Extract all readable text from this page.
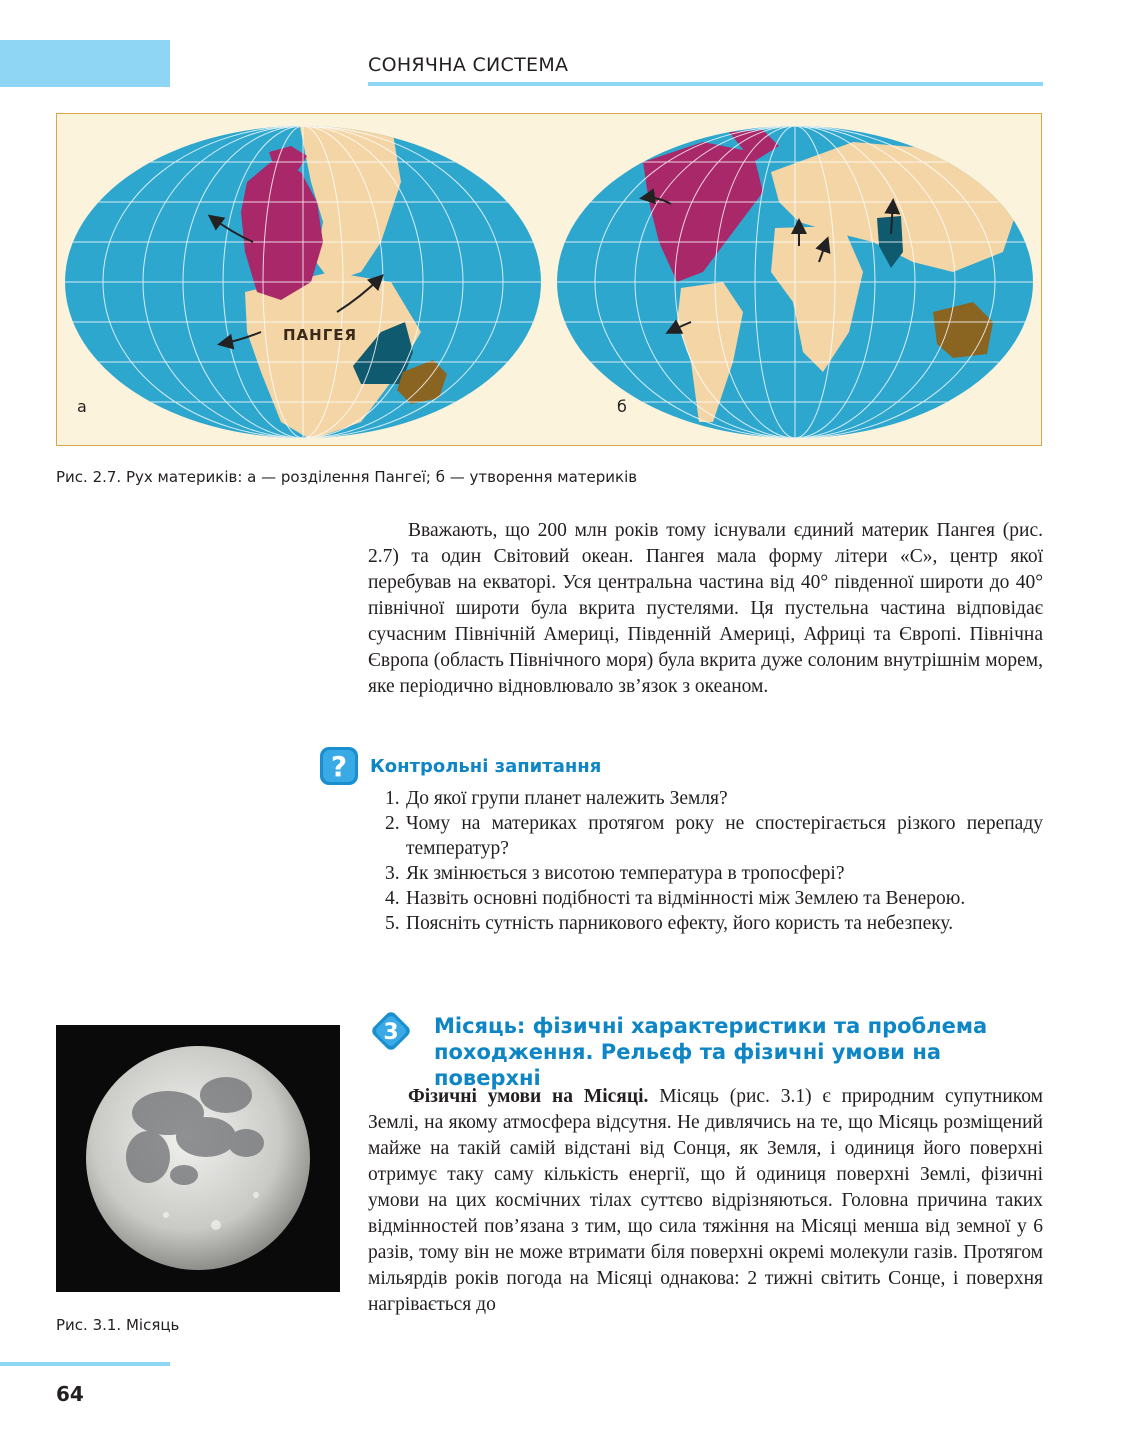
СОНЯЧНА СИСТЕМА
ПАНГЕЯ
а	б
Рис. 2.7. Рух материків: а — розділення Пангеї; б — утворення материків

Вважають, що 200 млн років тому існували єдиний материк Пангея (рис. 2.7) та один Світовий океан. Пангея мала форму літери «С», центр якої перебував на екваторі. Уся центральна частина від 40° південної широти до 40° північної широти була вкрита пустелями. Ця пустельна частина відповідає сучасним Північній Америці, Південній Америці, Африці та Європі. Північна Європа (область Північного моря) була вкрита дуже солоним внутрішнім морем, яке періодично відновлювало зв’язок з океаном.

? Контрольні запитання
1. До якої групи планет належить Земля?
2. Чому на материках протягом року не спостерігається різкого перепаду температур?
3. Як змінюється з висотою температура в тропосфері?
4. Назвіть основні подібності та відмінності між Землею та Венерою.
5. Поясніть сутність парникового ефекту, його користь та небезпеку.
3 Місяць: фізичні характеристики та проблема
походження. Рельєф та фізичні умови на поверхні
Рис. 3.1. Місяць

Фізичні умови на Місяці. Місяць (рис. 3.1) є природним супутником Землі, на якому атмосфера відсутня. Не дивлячись на те, що Місяць розміщений майже на такій самій відстані від Сонця, як Земля, і одиниця його поверхні отримує таку саму кількість енергії, що й одиниця поверхні Землі, фізичні умови на цих космічних тілах суттєво відрізняються. Головна причина таких відмінностей пов’язана з тим, що сила тяжіння на Місяці менша від земної у 6 разів, тому він не може втримати біля поверхні окремі молекули газів. Протягом мільярдів років погода на Місяці однакова: 2 тижні світить Сонце, і поверхня нагрівається до

64
